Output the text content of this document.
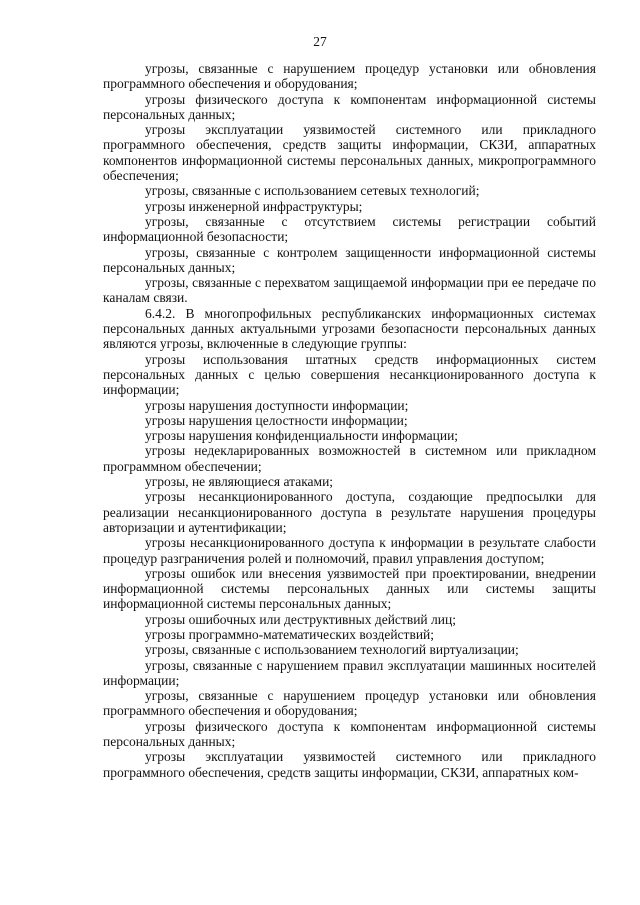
27

угрозы, связанные с нарушением процедур установки или обновления программного обеспечения и оборудования;

угрозы физического доступа к компонентам информационной системы персональных данных;

угрозы эксплуатации уязвимостей системного или прикладного программного обеспечения, средств защиты информации, СКЗИ, аппаратных компонентов информационной системы персональных данных, микропрограммного обеспечения;

угрозы, связанные с использованием сетевых технологий;

угрозы инженерной инфраструктуры;

угрозы, связанные с отсутствием системы регистрации событий информационной безопасности;

угрозы, связанные с контролем защищенности информационной системы персональных данных;

угрозы, связанные с перехватом защищаемой информации при ее передаче по каналам связи.

6.4.2. В многопрофильных республиканских информационных системах персональных данных актуальными угрозами безопасности персональных данных являются угрозы, включенные в следующие группы:

угрозы использования штатных средств информационных систем персональных данных с целью совершения несанкционированного доступа к информации;

угрозы нарушения доступности информации;

угрозы нарушения целостности информации;

угрозы нарушения конфиденциальности информации;

угрозы недекларированных возможностей в системном или прикладном программном обеспечении;

угрозы, не являющиеся атаками;

угрозы несанкционированного доступа, создающие предпосылки для реализации несанкционированного доступа в результате нарушения процедуры авторизации и аутентификации;

угрозы несанкционированного доступа к информации в результате слабости процедур разграничения ролей и полномочий, правил управления доступом;

угрозы ошибок или внесения уязвимостей при проектировании, внедрении информационной системы персональных данных или системы защиты информационной системы персональных данных;

угрозы ошибочных или деструктивных действий лиц;

угрозы программно-математических воздействий;

угрозы, связанные с использованием технологий виртуализации;

угрозы, связанные с нарушением правил эксплуатации машинных носителей информации;

угрозы, связанные с нарушением процедур установки или обновления программного обеспечения и оборудования;

угрозы физического доступа к компонентам информационной системы персональных данных;

угрозы эксплуатации уязвимостей системного или прикладного программного обеспечения, средств защиты информации, СКЗИ, аппаратных ком-
